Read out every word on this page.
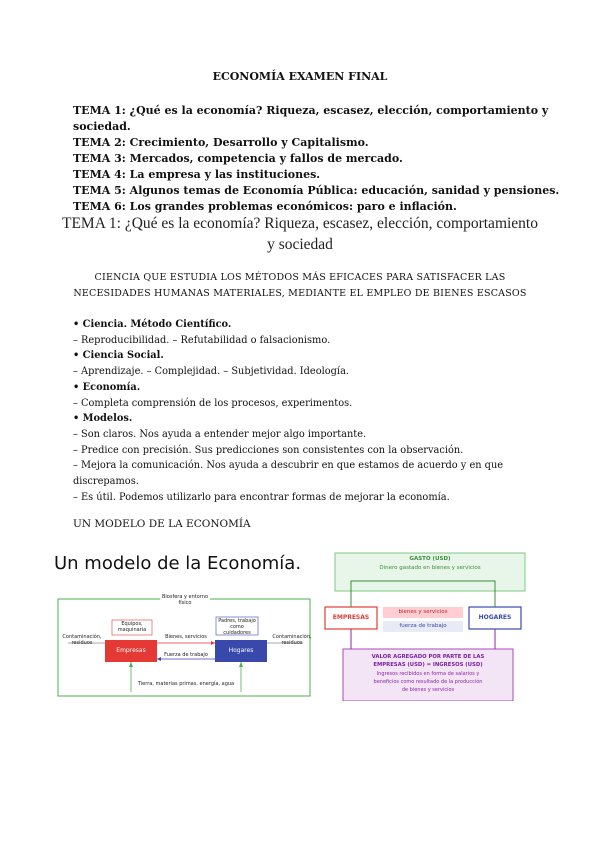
ECONOMÍA EXAMEN FINAL
TEMA 1: ¿Qué es la economía? Riqueza, escasez, elección, comportamiento y sociedad.
TEMA 2: Crecimiento, Desarrollo y Capitalismo.
TEMA 3: Mercados, competencia y fallos de mercado.
TEMA 4: La empresa y las instituciones.
TEMA 5: Algunos temas de Economía Pública: educación, sanidad y pensiones.
TEMA 6: Los grandes problemas económicos: paro e inflación.
TEMA 1: ¿Qué es la economía? Riqueza, escasez, elección, comportamiento
y sociedad
CIENCIA QUE ESTUDIA LOS MÉTODOS MÁS EFICACES PARA SATISFACER LAS
NECESIDADES HUMANAS MATERIALES, MEDIANTE EL EMPLEO DE BIENES ESCASOS
• Ciencia. Método Científico.
– Reproducibilidad. – Refutabilidad o falsacionismo.
• Ciencia Social.
– Aprendizaje. – Complejidad. – Subjetividad. Ideología.
• Economía.
– Completa comprensión de los procesos, experimentos.
• Modelos.
– Son claros. Nos ayuda a entender mejor algo importante.
– Predice con precisión. Sus predicciones son consistentes con la observación.
– Mejora la comunicación. Nos ayuda a descubrir en que estamos de acuerdo y en que discrepamos.
– Es útil. Podemos utilizarlo para encontrar formas de mejorar la economía.
UN MODELO DE LA ECONOMÍA
Un modelo de la Economía.
Biosfera y entorno físico
Equipos, maquinaria
Padres, trabajo como cuidadores
Contaminación, residuos
Contaminación, residuos
Bienes, servicios
Fuerza de trabajo
Empresas	Hogares
Tierra, materias primas, energía, agua
GASTO (USD)
Dinero gastado en bienes y servicios
EMPRESAS	HOGARES
bienes y servicios
fuerza de trabajo
VALOR AGREGADO POR PARTE DE LAS
EMPRESAS (USD) = INGRESOS (USD)
Ingresos recibidos en forma de salarios y
beneficios como resultado de la producción
de bienes y servicios
